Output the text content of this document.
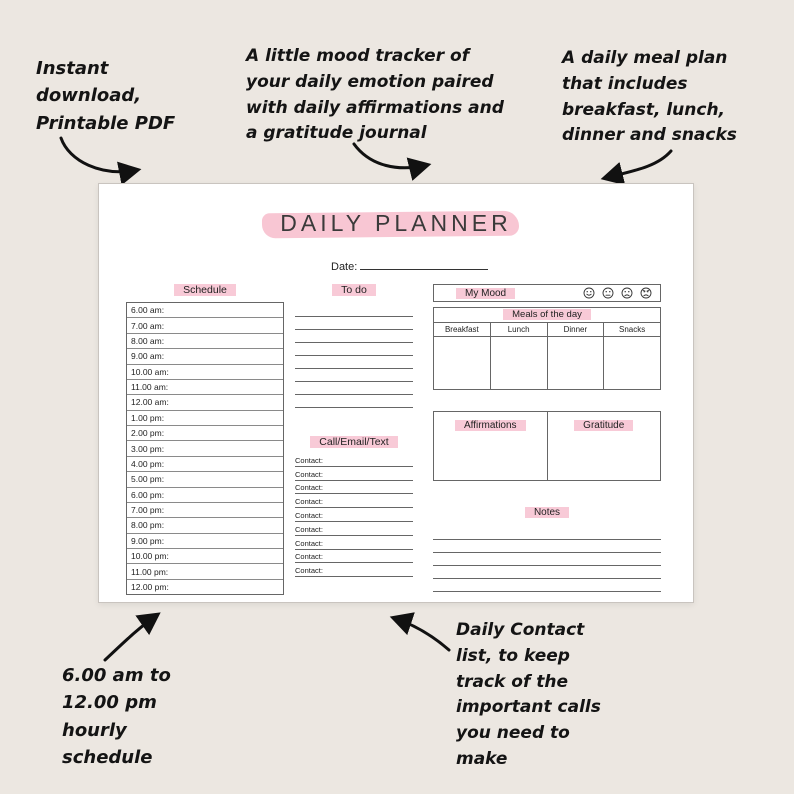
Instant download, Printable PDF
A little mood tracker of your daily emotion paired with daily affirmations and a gratitude journal
A daily meal plan that includes breakfast, lunch, dinner and snacks
6.00 am to 12.00 pm hourly schedule
Daily Contact list, to keep track of the important calls you need to make
DAILY PLANNER
Date:
Schedule
6.00 am:
7.00 am:
8.00 am:
9.00 am:
10.00 am:
11.00 am:
12.00 am:
1.00 pm:
2.00 pm:
3.00 pm:
4.00 pm:
5.00 pm:
6.00 pm:
7.00 pm:
8.00 pm:
9.00 pm:
10.00 pm:
11.00 pm:
12.00 pm:
To do
Call/Email/Text
Contact:
Contact:
Contact:
Contact:
Contact:
Contact:
Contact:
Contact:
Contact:
My Mood
Meals of the day
Breakfast	Lunch	Dinner	Snacks
Affirmations	Gratitude
Notes
